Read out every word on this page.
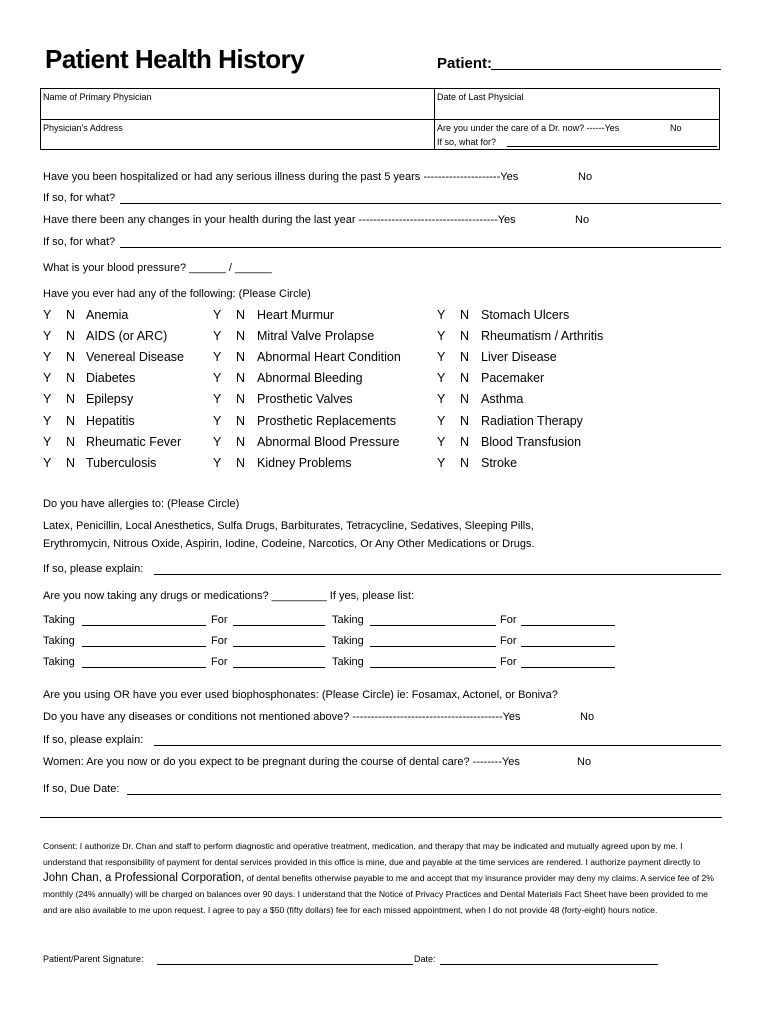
Patient Health History	Patient:
Name of Primary Physician	Date of Last Physicial
Physician's Address	Are you under the care of a Dr. now? ------Yes	No
If so, what for?
Have you been hospitalized or had any serious illness during the past 5 years ---------------------Yes	No
If so, for what?
Have there been any changes in your health during the last year --------------------------------------Yes	No
If so, for what?
What is your blood pressure? ______ / ______
Have you ever had any of the following: (Please Circle)
Y N Anemia
Y N AIDS (or ARC)
Y N Venereal Disease
Y N Diabetes
Y N Epilepsy
Y N Hepatitis
Y N Rheumatic Fever
Y N Tuberculosis
Y N Heart Murmur
Y N Mitral Valve Prolapse
Y N Abnormal Heart Condition
Y N Abnormal Bleeding
Y N Prosthetic Valves
Y N Prosthetic Replacements
Y N Abnormal Blood Pressure
Y N Kidney Problems
Y N Stomach Ulcers
Y N Rheumatism / Arthritis
Y N Liver Disease
Y N Pacemaker
Y N Asthma
Y N Radiation Therapy
Y N Blood Transfusion
Y N Stroke
Do you have allergies to: (Please Circle)
Latex, Penicillin, Local Anesthetics, Sulfa Drugs, Barbiturates, Tetracycline, Sedatives, Sleeping Pills,
Erythromycin, Nitrous Oxide, Aspirin, Iodine, Codeine, Narcotics, Or Any Other Medications or Drugs.
If so, please explain:
Are you now taking any drugs or medications? _________ If yes, please list:
Taking	For	Taking	For
Taking	For	Taking	For
Taking	For	Taking	For
Are you using OR have you ever used biophosphonates: (Please Circle) ie: Fosamax, Actonel, or Boniva?
Do you have any diseases or conditions not mentioned above? -----------------------------------------Yes	No
If so, please explain:
Women: Are you now or do you expect to be pregnant during the course of dental care? --------Yes	No
If so, Due Date:
Consent: I authorize Dr. Chan and staff to perform diagnostic and operative treatment, medication, and therapy that may be indicated and mutually agreed upon by me. I understand that responsibility of payment for dental services provided in this office is mine, due and payable at the time services are rendered. I authorize payment directly to John Chan, a Professional Corporation, of dental benefits otherwise payable to me and accept that my insurance provider may deny my claims. A service fee of 2% monthly (24% annually) will be charged on balances over 90 days. I understand that the Notice of Privacy Practices and Dental Materials Fact Sheet have been provided to me and are also available to me upon request. I agree to pay a $50 (fifty dollars) fee for each missed appointment, when I do not provide 48 (forty-eight) hours notice.
Patient/Parent Signature:	Date:
